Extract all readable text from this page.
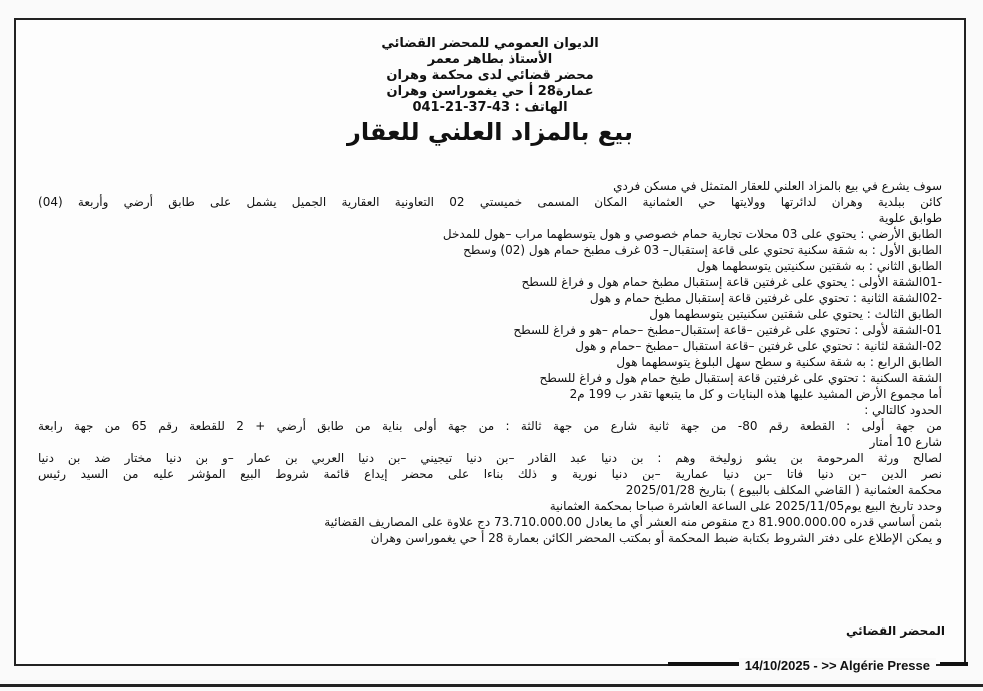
الديوان العمومي للمحضر القضائي
الأستاذ بطاهر معمر
محضر قضائي لدى محكمة وهران
عمارة28 أ حي يغموراسن وهران
الهاتف : 43-37-21-041
بيع بالمزاد العلني للعقار
سوف يشرع في بيع بالمزاد العلني للعقار المتمثل في مسكن فردي
كائن ببلدية وهران لدائرتها وولايتها حي العثمانية المكان المسمى خميستي 02 التعاونية العقارية الجميل يشمل على طابق أرضي وأربعة (04)
طوابق علوية
الطابق الأرضي : يحتوي على 03 محلات تجارية حمام خصوصي و هول يتوسطهما مراب –هول للمدخل
الطابق الأول : به شقة سكنية تحتوي على قاعة إستقبال– 03 غرف مطبخ حمام هول (02) وسطح
الطابق الثاني : به شقتين سكنيتين يتوسطهما هول
-01الشقة الأولى : يحتوي على غرفتين قاعة إستقبال مطبخ حمام هول و فراغ للسطح
-02الشقة الثانية : تحتوي على غرفتين قاعة إستقبال مطبخ حمام و هول
الطابق الثالث : يحتوي على شقتين سكنيتين يتوسطهما هول
01-الشقة لأولى : تحتوي على غرفتين –قاعة إستقبال–مطبخ –حمام –هو و فراغ للسطح
02-الشقة لثانية : تحتوي على غرفتين –قاعة استقبال –مطبخ –حمام و هول
الطابق الرابع : به شقة سكنية و سطح سهل البلوغ يتوسطهما هول
الشقة السكنية : تحتوي على غرفتين قاعة إستقبال طبخ حمام هول و فراغ للسطح
أما مجموع الأرض المشيد عليها هذه البنايات و كل ما يتبعها تقدر ب 199 م2
الحدود كالتالي :
من جهة أولى : القطعة رقم 80- من جهة ثانية شارع من جهة ثالثة : من جهة أولى بناية من طابق أرضي + 2 للقطعة رقم 65 من جهة رابعة
شارع 10 أمتار
لصالح ورثة المرحومة بن يشو زوليخة وهم : بن دنيا عبد القادر –بن دنيا تيجيني –بن دنيا العربي بن عمار –و بن دنيا مختار ضد بن دنيا
نصر الدين –بن دنيا فاتا –بن دنيا عمارية –بن دنيا نورية و ذلك بناءا على محضر إيداع قائمة شروط البيع المؤشر عليه من السيد رئيس
محكمة العثمانية ( القاضي المكلف بالبيوع ) بتاريخ 2025/01/28
وحدد تاريخ البيع يوم2025/11/05 على الساعة العاشرة صباحا بمحكمة العثمانية
بثمن أساسي قدره 81.900.000.00 دج منقوص منه العشر أي ما يعادل 73.710.000.00 دج علاوة على المصاريف القضائية
و يمكن الإطلاع على دفتر الشروط بكتابة ضبط المحكمة أو بمكتب المحضر الكائن بعمارة 28 أ حي يغموراسن وهران
المحضر القضائي
14/10/2025 - >> Algérie Presse
